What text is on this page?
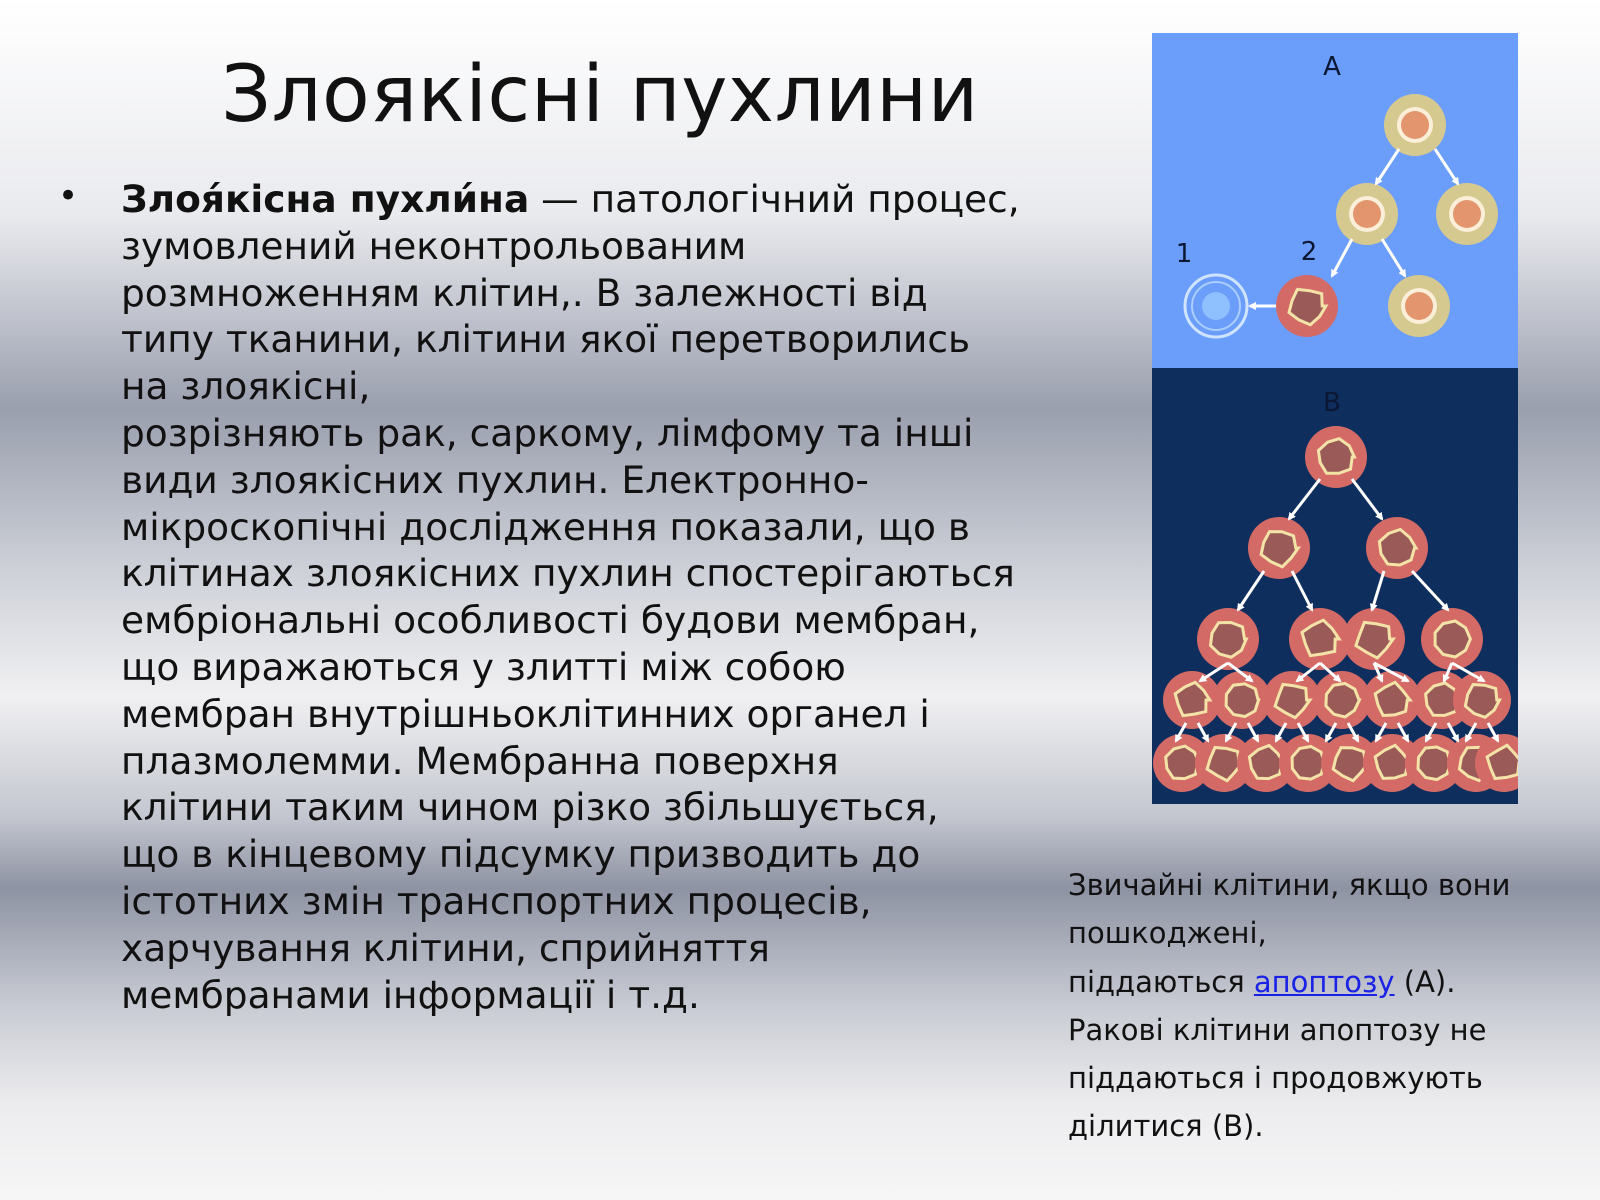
Злоякісні пухлини
• Злоя́кісна пухли́на — патологічний процес,
зумовлений неконтрольованим
розмноженням клітин,. В залежності від
типу тканини, клітини якої перетворились
на злоякісні,
розрізняють рак, саркому, лімфому та інші
види злоякісних пухлин. Електронно-
мікроскопічні дослідження показали, що в
клітинах злоякісних пухлин спостерігаються
ембріональні особливості будови мембран,
що виражаються у злитті між собою
мембран внутрішньоклітинних органел і
плазмолемми. Мембранна поверхня
клітини таким чином різко збільшується,
що в кінцевому підсумку призводить до
істотних змін транспортних процесів,
харчування клітини, сприйняття
мембранами інформації і т.д.
A
B
1	2
Звичайні клітини, якщо вони
пошкоджені,
піддаються апоптозу (A).
Ракові клітини апоптозу не
піддаються і продовжують
ділитися (B).
